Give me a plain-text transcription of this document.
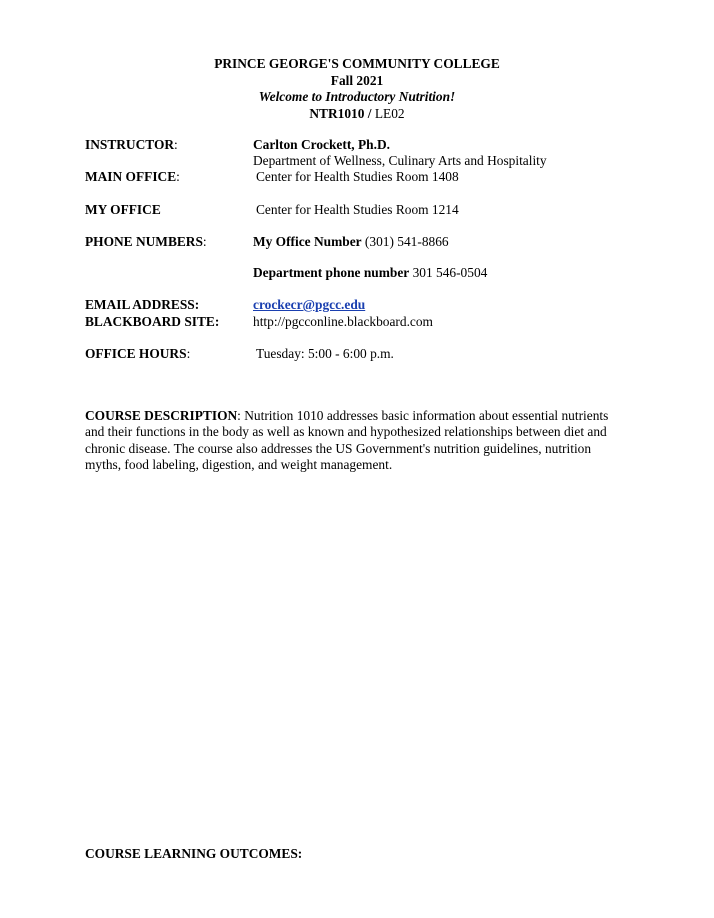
PRINCE GEORGE'S COMMUNITY COLLEGE
Fall 2021
Welcome to Introductory Nutrition!
NTR1010 / LE02
INSTRUCTOR:	Carlton Crockett, Ph.D.
Department of Wellness, Culinary Arts and Hospitality
MAIN OFFICE:	Center for Health Studies Room 1408
MY OFFICE	Center for Health Studies Room 1214
PHONE NUMBERS:	My Office Number (301) 541-8866
Department phone number 301 546-0504
EMAIL ADDRESS:	crockecr@pgcc.edu
BLACKBOARD SITE:	http://pgcconline.blackboard.com
OFFICE HOURS:	Tuesday: 5:00 - 6:00 p.m.
COURSE DESCRIPTION: Nutrition 1010 addresses basic information about essential nutrients and their functions in the body as well as known and hypothesized relationships between diet and chronic disease. The course also addresses the US Government's nutrition guidelines, nutrition myths, food labeling, digestion, and weight management.
COURSE LEARNING OUTCOMES:
